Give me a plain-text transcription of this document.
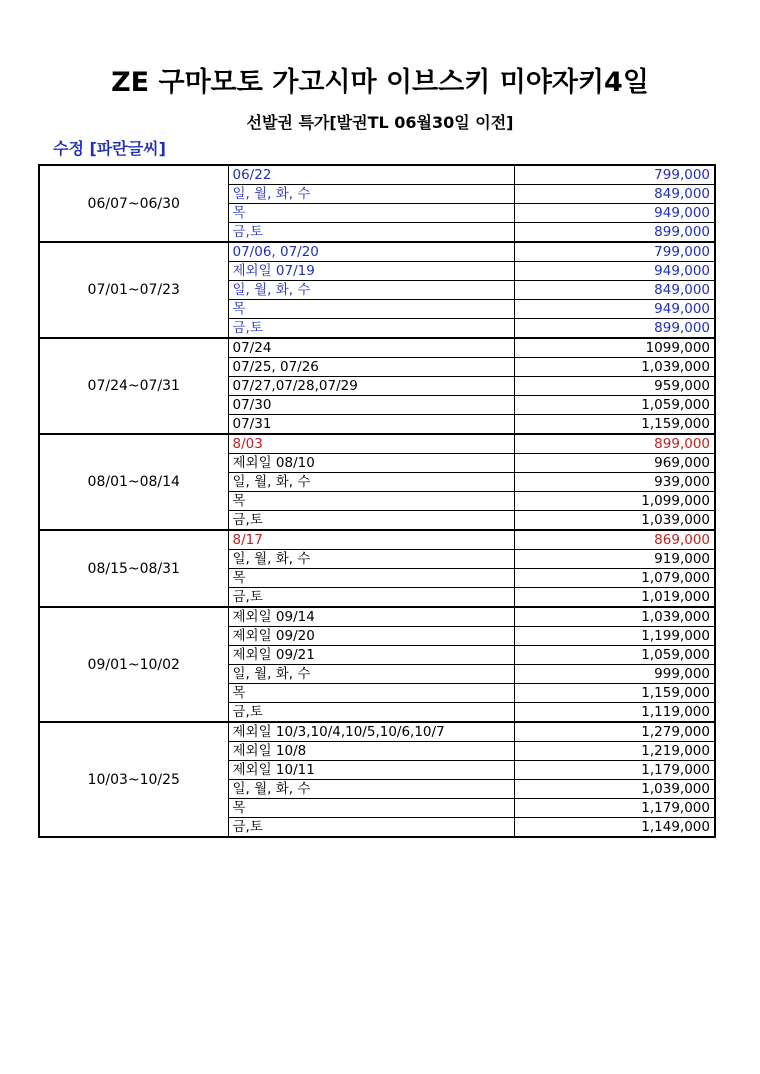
ZE 구마모토 가고시마 이브스키 미야자키4일
선발권 특가[발권TL 06월30일 이전]
수정 [파란글씨]
06/07~06/30	06/22	799,000
	일, 월, 화, 수	849,000
	목	949,000
	금,토	899,000
07/01~07/23	07/06, 07/20	799,000
	제외일 07/19	949,000
	일, 월, 화, 수	849,000
	목	949,000
	금,토	899,000
07/24~07/31	07/24	1099,000
	07/25, 07/26	1,039,000
	07/27,07/28,07/29	959,000
	07/30	1,059,000
	07/31	1,159,000
08/01~08/14	8/03	899,000
	제외일 08/10	969,000
	일, 월, 화, 수	939,000
	목	1,099,000
	금,토	1,039,000
08/15~08/31	8/17	869,000
	일, 월, 화, 수	919,000
	목	1,079,000
	금,토	1,019,000
09/01~10/02	제외일 09/14	1,039,000
	제외일 09/20	1,199,000
	제외일 09/21	1,059,000
	일, 월, 화, 수	999,000
	목	1,159,000
	금,토	1,119,000
10/03~10/25	제외일 10/3,10/4,10/5,10/6,10/7	1,279,000
	제외일 10/8	1,219,000
	제외일 10/11	1,179,000
	일, 월, 화, 수	1,039,000
	목	1,179,000
	금,토	1,149,000
